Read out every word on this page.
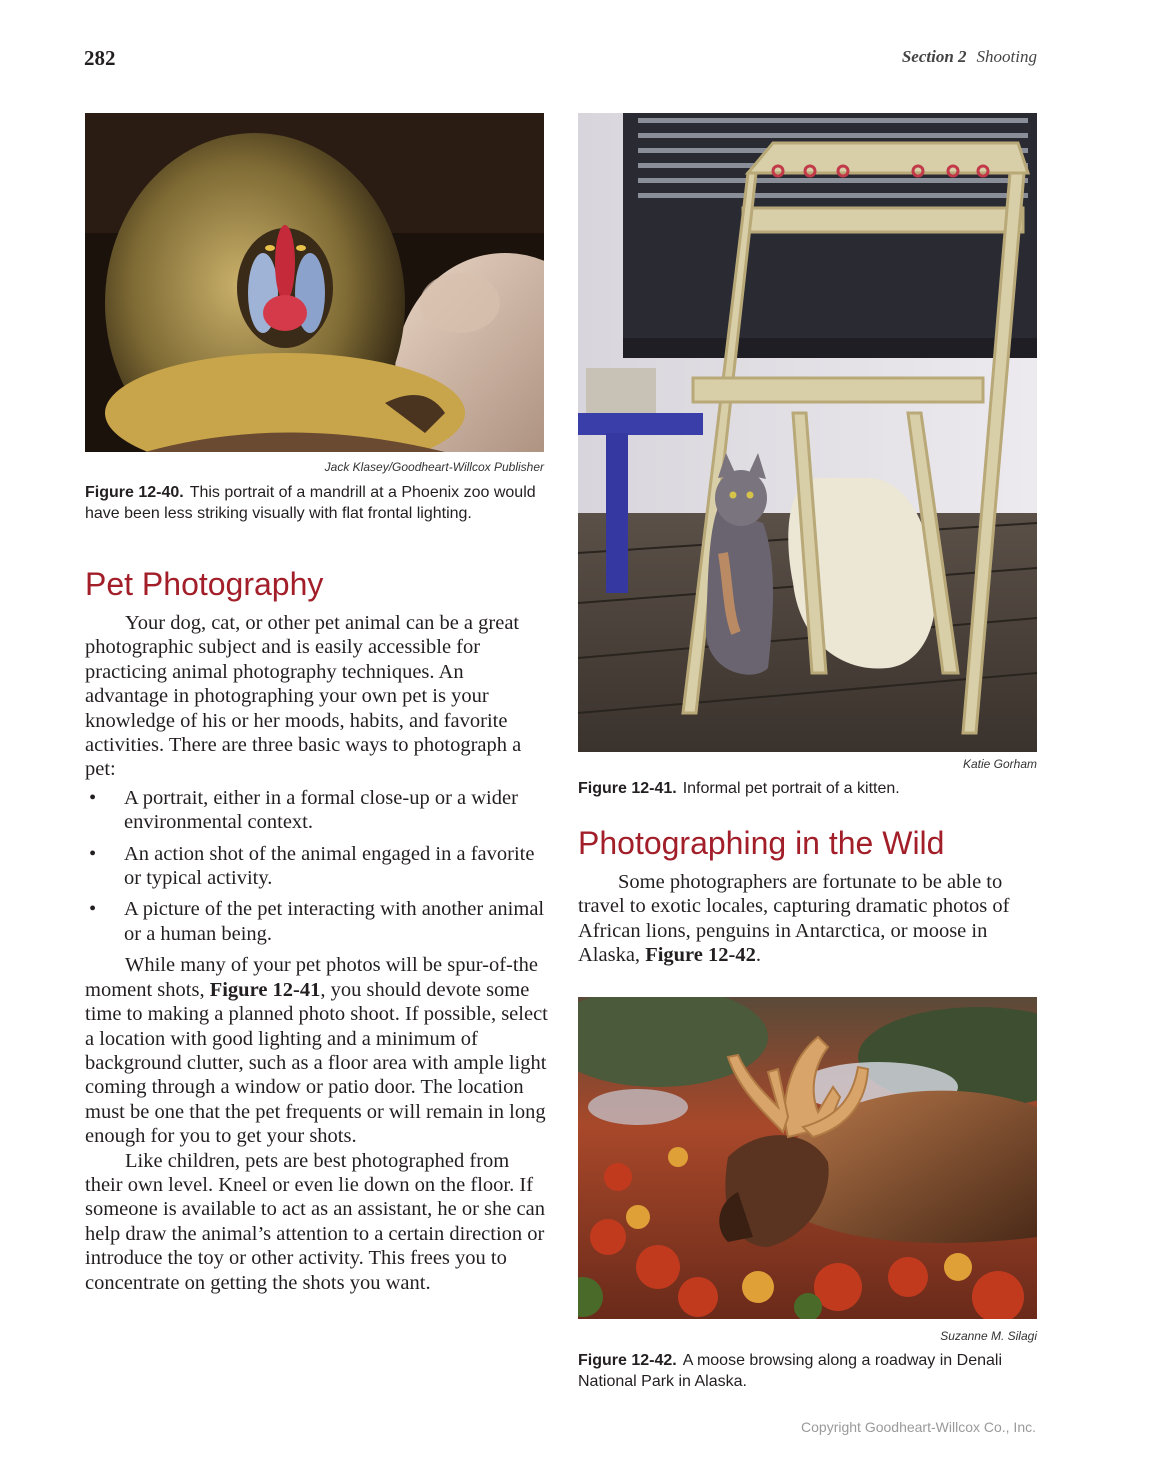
282	Section 2 Shooting
Jack Klasey/Goodheart-Willcox Publisher
Figure 12-40. This portrait of a mandrill at a Phoenix zoo would have been less striking visually with flat frontal lighting.
Pet Photography

Your dog, cat, or other pet animal can be a great photographic subject and is easily accessible for practicing animal photography techniques. An advantage in photographing your own pet is your knowledge of his or her moods, habits, and favorite activities. There are three basic ways to photograph a pet:

• A portrait, either in a formal close-up or a wider environmental context.
• An action shot of the animal engaged in a favorite or typical activity.
• A picture of the pet interacting with another animal or a human being.

While many of your pet photos will be spur-of-the moment shots, Figure 12-41, you should devote some time to making a planned photo shoot. If possible, select a location with good lighting and a minimum of background clutter, such as a floor area with ample light coming through a window or patio door. The location must be one that the pet frequents or will remain in long enough for you to get your shots.

Like children, pets are best photographed from their own level. Kneel or even lie down on the floor. If someone is available to act as an assistant, he or she can help draw the animal’s attention to a certain direction or introduce the toy or other activity. This frees you to concentrate on getting the shots you want.

Katie Gorham
Figure 12-41. Informal pet portrait of a kitten.
Photographing in the Wild

Some photographers are fortunate to be able to travel to exotic locales, capturing dramatic photos of African lions, penguins in Antarctica, or moose in Alaska, Figure 12-42.

Suzanne M. Silagi
Figure 12-42. A moose browsing along a roadway in Denali National Park in Alaska.
Copyright Goodheart-Willcox Co., Inc.
